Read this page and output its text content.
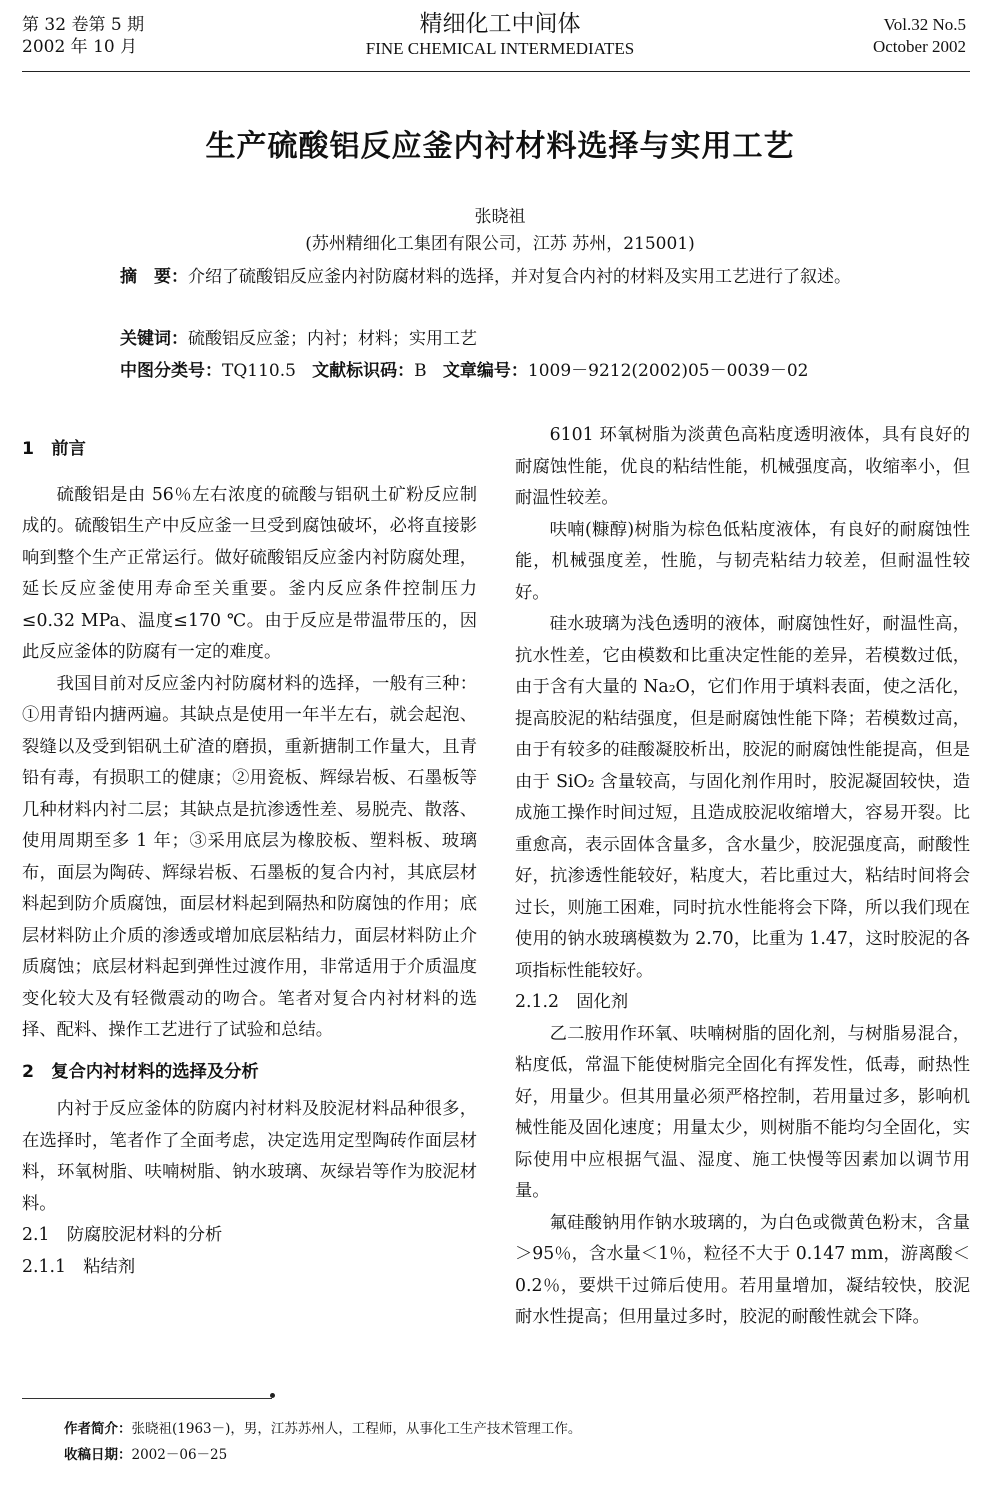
第 32 卷第 5 期
2002 年 10 月
精细化工中间体
FINE CHEMICAL INTERMEDIATES
Vol.32 No.5
October 2002
生产硫酸铝反应釜内衬材料选择与实用工艺
张晓祖
(苏州精细化工集团有限公司，江苏 苏州，215001)
摘　要：介绍了硫酸铝反应釜内衬防腐材料的选择，并对复合内衬的材料及实用工艺进行了叙述。
关键词：硫酸铝反应釜；内衬；材料；实用工艺
中图分类号：TQ110.5 文献标识码：B 文章编号：1009－9212(2002)05－0039－02
1　前言

硫酸铝是由 56％左右浓度的硫酸与铝矾土矿粉反应制成的。硫酸铝生产中反应釜一旦受到腐蚀破坏，必将直接影响到整个生产正常运行。做好硫酸铝反应釜内衬防腐处理，延长反应釜使用寿命至关重要。釜内反应条件控制压力≤0.32 MPa、温度≤170 ℃。由于反应是带温带压的，因此反应釜体的防腐有一定的难度。

我国目前对反应釜内衬防腐材料的选择，一般有三种：①用青铅内搪两遍。其缺点是使用一年半左右，就会起泡、裂缝以及受到铝矾土矿渣的磨损，重新搪制工作量大，且青铅有毒，有损职工的健康；②用瓷板、辉绿岩板、石墨板等几种材料内衬二层；其缺点是抗渗透性差、易脱壳、散落、使用周期至多 1 年；③采用底层为橡胶板、塑料板、玻璃布，面层为陶砖、辉绿岩板、石墨板的复合内衬，其底层材料起到防介质腐蚀，面层材料起到隔热和防腐蚀的作用；底层材料防止介质的渗透或增加底层粘结力，面层材料防止介质腐蚀；底层材料起到弹性过渡作用，非常适用于介质温度变化较大及有轻微震动的吻合。笔者对复合内衬材料的选择、配料、操作工艺进行了试验和总结。

2　复合内衬材料的选择及分析

内衬于反应釜体的防腐内衬材料及胶泥材料品种很多，在选择时，笔者作了全面考虑，决定选用定型陶砖作面层材料，环氧树脂、呋喃树脂、钠水玻璃、灰绿岩等作为胶泥材料。

2.1　防腐胶泥材料的分析
2.1.1　粘结剂

6101 环氧树脂为淡黄色高粘度透明液体，具有良好的耐腐蚀性能，优良的粘结性能，机械强度高，收缩率小，但耐温性较差。

呋喃(糠醇)树脂为棕色低粘度液体，有良好的耐腐蚀性能，机械强度差，性脆，与韧壳粘结力较差，但耐温性较好。

硅水玻璃为浅色透明的液体，耐腐蚀性好，耐温性高，抗水性差，它由模数和比重决定性能的差异，若模数过低，由于含有大量的 Na₂O，它们作用于填料表面，使之活化，提高胶泥的粘结强度，但是耐腐蚀性能下降；若模数过高，由于有较多的硅酸凝胶析出，胶泥的耐腐蚀性能提高，但是由于 SiO₂ 含量较高，与固化剂作用时，胶泥凝固较快，造成施工操作时间过短，且造成胶泥收缩增大，容易开裂。比重愈高，表示固体含量多，含水量少，胶泥强度高，耐酸性好，抗渗透性能较好，粘度大，若比重过大，粘结时间将会过长，则施工困难，同时抗水性能将会下降，所以我们现在使用的钠水玻璃模数为 2.70，比重为 1.47，这时胶泥的各项指标性能较好。

2.1.2　固化剂

乙二胺用作环氧、呋喃树脂的固化剂，与树脂易混合，粘度低，常温下能使树脂完全固化有挥发性，低毒，耐热性好，用量少。但其用量必须严格控制，若用量过多，影响机械性能及固化速度；用量太少，则树脂不能均匀全固化，实际使用中应根据气温、湿度、施工快慢等因素加以调节用量。

氟硅酸钠用作钠水玻璃的，为白色或微黄色粉末，含量＞95％，含水量＜1％，粒径不大于 0.147 mm，游离酸＜0.2％，要烘干过筛后使用。若用量增加，凝结较快，胶泥耐水性提高；但用量过多时，胶泥的耐酸性就会下降。

作者简介：张晓祖(1963－)，男，江苏苏州人，工程师，从事化工生产技术管理工作。
收稿日期：2002－06－25
